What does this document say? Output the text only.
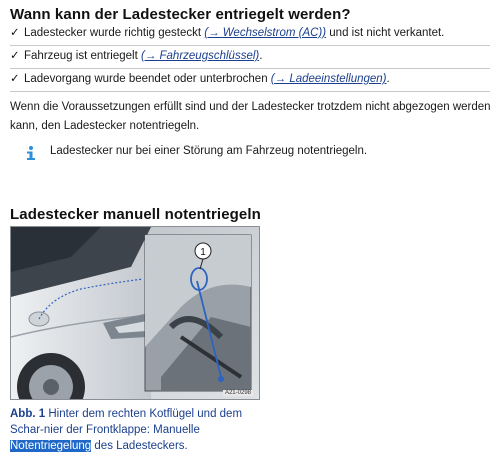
Wann kann der Ladestecker entriegelt werden?
✓ Ladestecker wurde richtig gesteckt (→ Wechselstrom (AC)) und ist nicht verkantet.
✓ Fahrzeug ist entriegelt (→ Fahrzeugschlüssel).
✓ Ladevorgang wurde beendet oder unterbrochen (→ Ladeeinstellungen).
Wenn die Voraussetzungen erfüllt sind und der Ladestecker trotzdem nicht abgezogen werden kann, den Ladestecker notentriegeln.
Ladestecker nur bei einer Störung am Fahrzeug notentriegeln.
Ladestecker manuell notentriegeln
1
A21-0298
Abb. 1 Hinter dem rechten Kotflügel und dem Schar-nier der Frontklappe: Manuelle Notentriegelung des Ladesteckers.
